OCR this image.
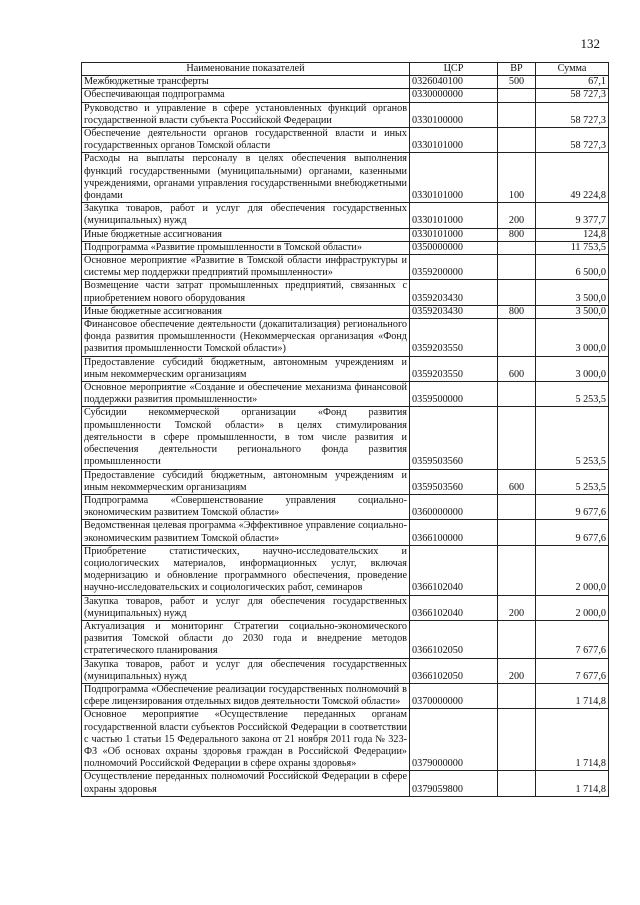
132
Наименование показателей	ЦСР	ВР	Сумма
Межбюджетные трансферты	0326040100	500	67,1
Обеспечивающая подпрограмма	0330000000		58 727,3
Руководство и управление в сфере установленных функций органов государственной власти субъекта Российской Федерации	0330100000		58 727,3
Обеспечение деятельности органов государственной власти и иных государственных органов Томской области	0330101000		58 727,3
Расходы на выплаты персоналу в целях обеспечения выполнения функций государственными (муниципальными) органами, казенными учреждениями, органами управления государственными внебюджетными фондами	0330101000	100	49 224,8
Закупка товаров, работ и услуг для обеспечения государственных (муниципальных) нужд	0330101000	200	9 377,7
Иные бюджетные ассигнования	0330101000	800	124,8
Подпрограмма «Развитие промышленности в Томской области»	0350000000		11 753,5
Основное мероприятие «Развитие в Томской области инфраструктуры и системы мер поддержки предприятий промышленности»	0359200000		6 500,0
Возмещение части затрат промышленных предприятий, связанных с приобретением нового оборудования	0359203430		3 500,0
Иные бюджетные ассигнования	0359203430	800	3 500,0
Финансовое обеспечение деятельности (докапитализация) регионального фонда развития промышленности (Некоммерческая организация «Фонд развития промышленности Томской области»)	0359203550		3 000,0
Предоставление субсидий бюджетным, автономным учреждениям и иным некоммерческим организациям	0359203550	600	3 000,0
Основное мероприятие «Создание и обеспечение механизма финансовой поддержки развития промышленности»	0359500000		5 253,5
Субсидии некоммерческой организации «Фонд развития промышленности Томской области» в целях стимулирования деятельности в сфере промышленности, в том числе развития и обеспечения деятельности регионального фонда развития промышленности	0359503560		5 253,5
Предоставление субсидий бюджетным, автономным учреждениям и иным некоммерческим организациям	0359503560	600	5 253,5
Подпрограмма «Совершенствование управления социально-экономическим развитием Томской области»	0360000000		9 677,6
Ведомственная целевая программа «Эффективное управление социально-экономическим развитием Томской области»	0366100000		9 677,6
Приобретение статистических, научно-исследовательских и социологических материалов, информационных услуг, включая модернизацию и обновление программного обеспечения, проведение научно-исследовательских и социологических работ, семинаров	0366102040		2 000,0
Закупка товаров, работ и услуг для обеспечения государственных (муниципальных) нужд	0366102040	200	2 000,0
Актуализация и мониторинг Стратегии социально-экономического развития Томской области до 2030 года и внедрение методов стратегического планирования	0366102050		7 677,6
Закупка товаров, работ и услуг для обеспечения государственных (муниципальных) нужд	0366102050	200	7 677,6
Подпрограмма «Обеспечение реализации государственных полномочий в сфере лицензирования отдельных видов деятельности Томской области»	0370000000		1 714,8
Основное мероприятие «Осуществление переданных органам государственной власти субъектов Российской Федерации в соответствии с частью 1 статьи 15 Федерального закона от 21 ноября 2011 года № 323-ФЗ «Об основах охраны здоровья граждан в Российской Федерации» полномочий Российской Федерации в сфере охраны здоровья»	0379000000		1 714,8
Осуществление переданных полномочий Российской Федерации в сфере охраны здоровья	0379059800		1 714,8
